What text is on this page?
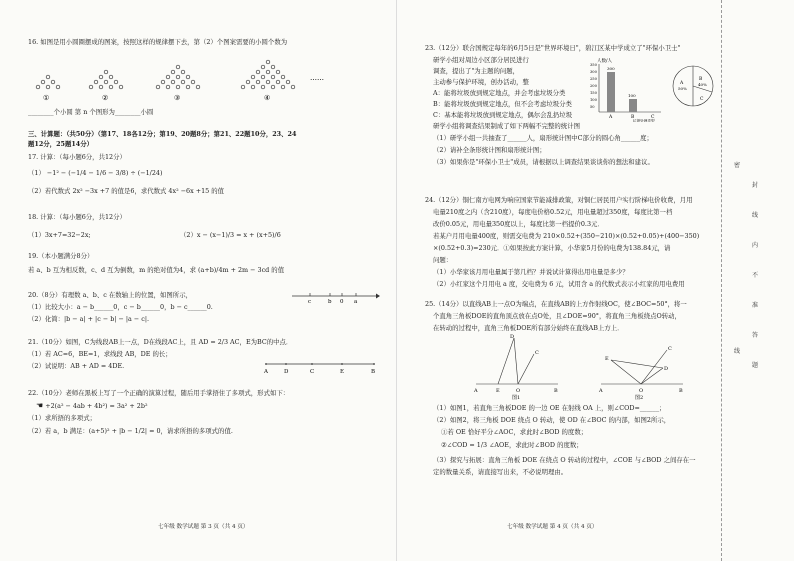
16. 如图是用小圆圈摆成的图案，按照这样的规律摆下去，第（2）个图案需要的小圆个数为
①	②	③	④
……
________个小圆 第 n 个图形为________小圆
三、计算题：（共50分）（第17、18各12分；第19、20题8分；第21、22题10分，23、24
题12分，25题14分）
17. 计算：（每小题6分，共12分）
（1） −1² − (−1/4 − 1/6 − 3/8) ÷ (−1/24)
（2）若代数式 2x² −3x +7 的值是6，求代数式 4x² −6x +15 的值
18. 计算：（每小题6分，共12分）
（1）3x+7=32−2x;	（2）x − (x−1)/3 = x + (x+5)/6
19.（本小题满分8分）
若 a、b 互为相反数，c、d 互为倒数，m 的绝对值为4，求 (a+b)/4m + 2m − 3cd 的值
20.（8分）有理数 a、b、c 在数轴上的位置，如图所示，
c	b 0 a
（1）比较大小：a − b______0，c − b______0，b − c______0.
（2）化简：|b − a| + |c − b| − |a − c|.
21.（10分）如图，C为线段AB上一点，D在线段AC上，且 AD = 2/3 AC，E为BC的中点．
（1）若 AC=6，BE=1，求线段 AB，DE 的长；
（2）试说明：AB + AD = 4DE.
A	D	C	E	B
22.（10分）老师在黑板上写了一个正确的演算过程，随后用手掌捂住了多项式，形式如下：
☚ +2(a² − 4ab + 4b²) = 3a² + 2b²
（1）求所捂的多项式；
（2）若 a，b 满足：(a+5)² + |b − 1/2| = 0，请求所捂的多项式的值.
七年级 数学试题 第 3 页（共 4 页）
23.（12分）联合国规定每年的6月5日是"世界环境日"，碧江区某中学成立了"环保小卫士"
研学小组对周边小区部分居民进行
调查，提出了"为主题的问题，
主动参与保护环境，创办活动，整
A：能将垃圾放到规定地点，并会考虑垃圾分类
B：能将垃圾放到规定地点，但不会考虑垃圾分类
C：基本能将垃圾放到规定地点，偶尔会乱扔垃圾
研学小组将调查结果制成了如下两幅不完整的统计图
人数/人
350
300
250
200
150
100
50
300
100
A	B	C
垃圾处理类型
A
50%
B
40%
C
（1）研学小组一共抽查了______人，扇形统计图中C部分的圆心角______度；
（2）请补全条形统计图和扇形统计图；
（3）如果你是"环保小卫士"成员，请根据以上调查结果谈谈你的想法和建议。
24.（12分）铜仁南方电网为响应国家节能减排政策，对铜仁居民用户实行阶梯电价收费，月用
电量210度之内（含210度），每度电价格0.52元，用电量超过350度，每度比第一档
改价0.05元，用电量350度以上，每度比第一档提价0.3元．
若某户月用电量400度，则需交电费为 210×0.52+(350−210)×(0.52+0.05)+(400−350)
×(0.52+0.3)=230元．①如果按此方案计算，小华家5月份的电费为138.84元，请
问题：
（1）小华家该月用电量属于第几档？并说试计算得出用电量是多少？
（2）小红家这个月用电 a 度，交电费为 6 元，试用含 a 的代数式表示小红家的用电费用
25.（14分）以直线AB上一点O为端点，在直线AB的上方作射线OC，使∠BOC=50°，将一
个直角三角板DOE的直角顶点放在点O处，且∠DOE=90°，将直角三角板绕点O转动，
在转动的过程中，直角三角板DOE所有部分始终在直线AB上方上．
D
C
A	E	O	B
图1
E
C
D
A	O	B
图2
（1）如图1，若直角三角板DOE 的一边 OE 在射线 OA 上，则∠COD=______；
（2）如图2，将三角板 DOE 绕点 O 转动，使 OD 在∠BOC 的内部，如图2所示，
①若 OE 恰好平分∠AOC，求此时∠BOD 的度数；
②∠COD = 1/3 ∠AOE，求此时∠BOD 的度数；
（3）探究与拓展：直角三角板 DOE 在绕点 O 转动的过程中，∠COE 与∠BOD 之间存在一
定的数量关系，请直接写出来，不必说明理由。
七年级 数学试题 第 4 页（共 4 页）
密
封
线
内
不
准
答
题
线
